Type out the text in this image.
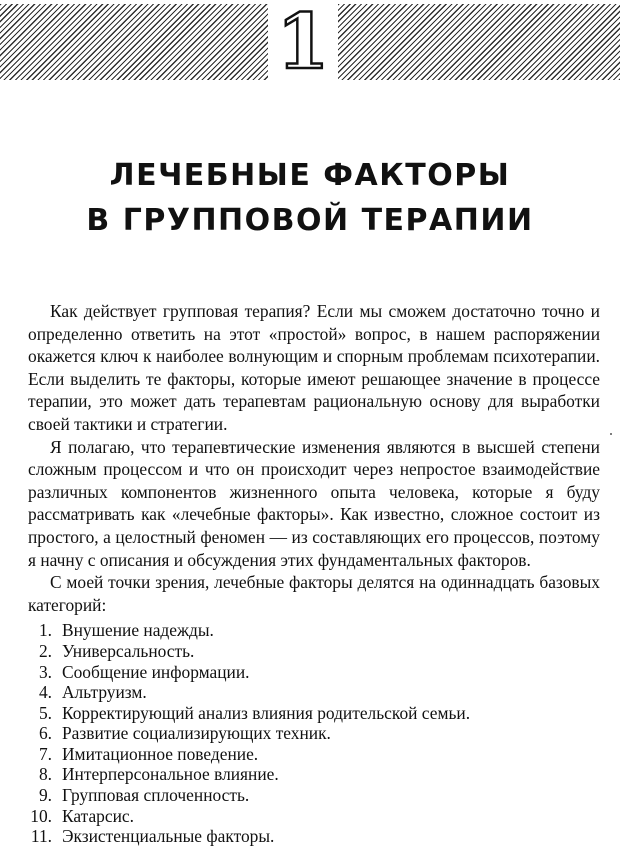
1
ЛЕЧЕБНЫЕ ФАКТОРЫ
В ГРУППОВОЙ ТЕРАПИИ

Как действует групповая терапия? Если мы сможем достаточно точно и определенно ответить на этот «простой» вопрос, в нашем распоряжении окажется ключ к наиболее волнующим и спорным проблемам психотерапии. Если выделить те факторы, которые имеют решающее значение в процессе терапии, это может дать терапевтам рациональную основу для выработки своей тактики и стратегии.

Я полагаю, что терапевтические изменения являются в высшей степени сложным процессом и что он происходит через непростое взаимодействие различных компонентов жизненного опыта человека, которые я буду рассматривать как «лечебные факторы». Как известно, сложное состоит из простого, а целостный феномен — из составляющих его процессов, поэтому я начну с описания и обсуждения этих фундаментальных факторов.

С моей точки зрения, лечебные факторы делятся на одиннадцать базовых категорий:

1. Внушение надежды.
2. Универсальность.
3. Сообщение информации.
4. Альтруизм.
5. Корректирующий анализ влияния родительской семьи.
6. Развитие социализирующих техник.
7. Имитационное поведение.
8. Интерперсональное влияние.
9. Групповая сплоченность.
10. Катарсис.
11. Экзистенциальные факторы.
